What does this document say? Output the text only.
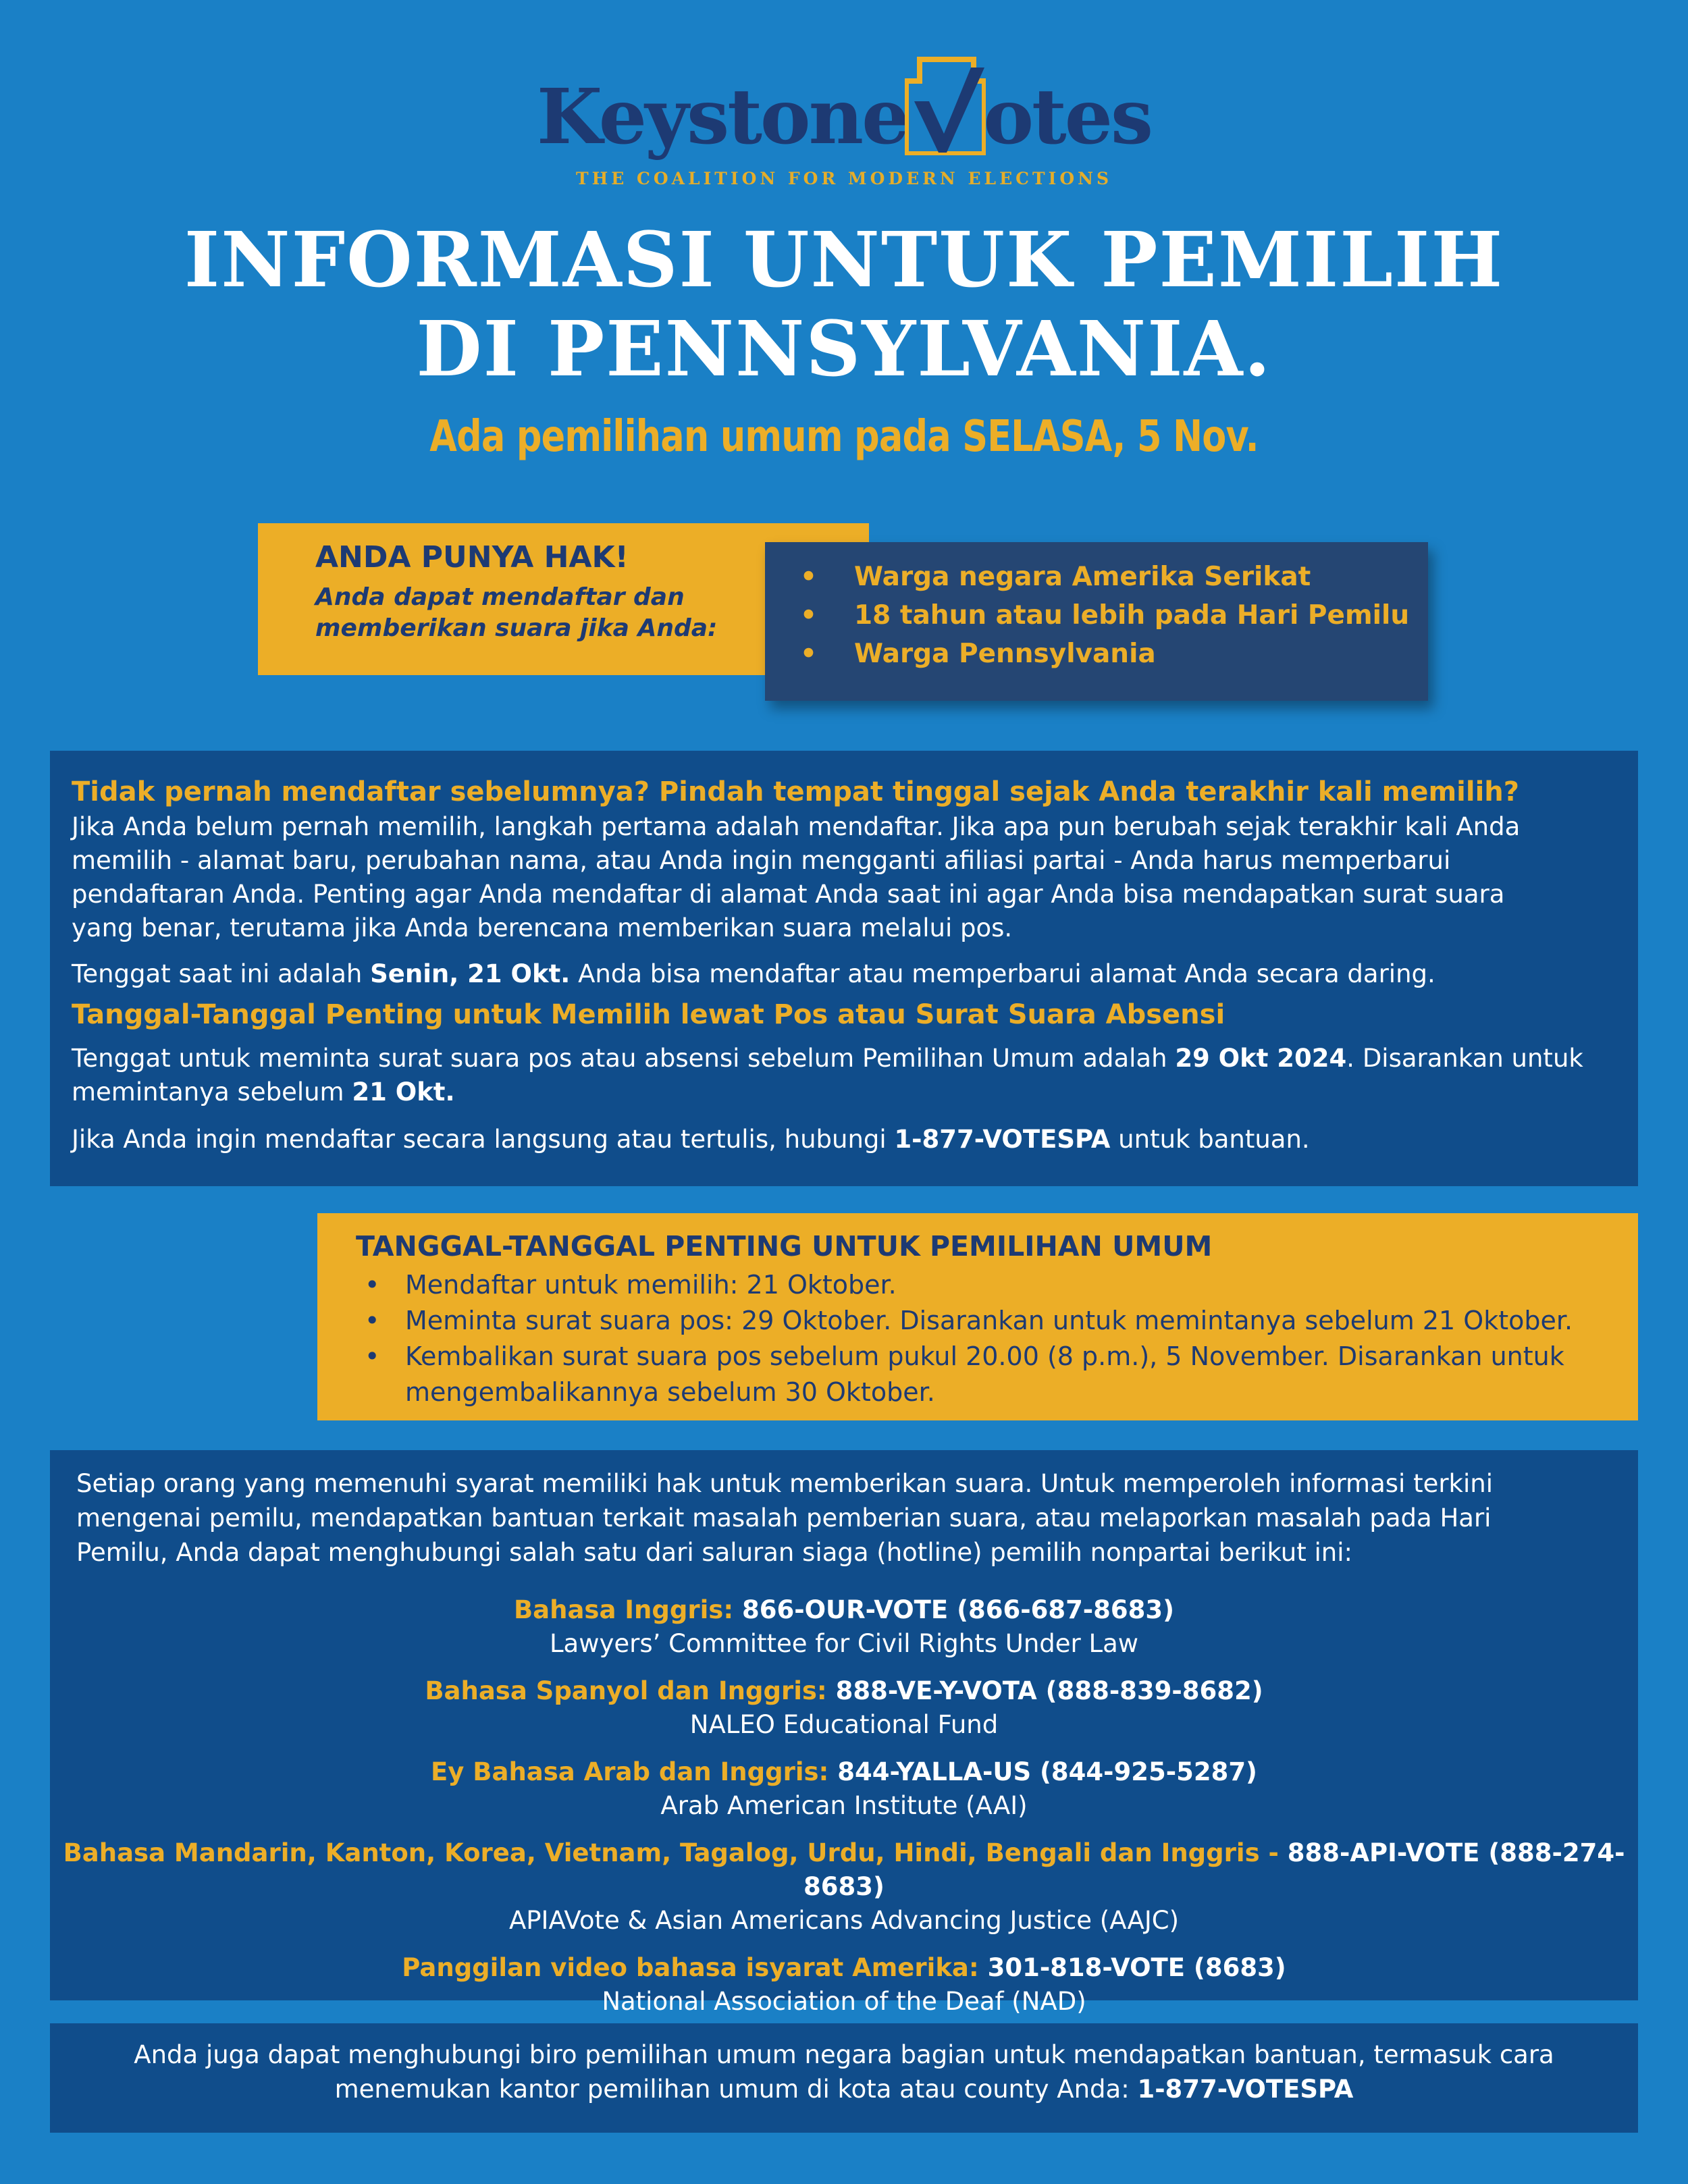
Keystone otes
THE COALITION FOR MODERN ELECTIONS
INFORMASI UNTUK PEMILIH
DI PENNSYLVANIA.
Ada pemilihan umum pada SELASA, 5 Nov.
ANDA PUNYA HAK!
Anda dapat mendaftar dan
memberikan suara jika Anda:
•	Warga negara Amerika Serikat
•	18 tahun atau lebih pada Hari Pemilu
•	Warga Pennsylvania
Tidak pernah mendaftar sebelumnya? Pindah tempat tinggal sejak Anda terakhir kali memilih?
Jika Anda belum pernah memilih, langkah pertama adalah mendaftar. Jika apa pun berubah sejak terakhir kali Anda
memilih - alamat baru, perubahan nama, atau Anda ingin mengganti afiliasi partai - Anda harus memperbarui
pendaftaran Anda. Penting agar Anda mendaftar di alamat Anda saat ini agar Anda bisa mendapatkan surat suara
yang benar, terutama jika Anda berencana memberikan suara melalui pos.
Tenggat saat ini adalah Senin, 21 Okt. Anda bisa mendaftar atau memperbarui alamat Anda secara daring.
Tanggal-Tanggal Penting untuk Memilih lewat Pos atau Surat Suara Absensi
Tenggat untuk meminta surat suara pos atau absensi sebelum Pemilihan Umum adalah 29 Okt 2024. Disarankan untuk
memintanya sebelum 21 Okt.
Jika Anda ingin mendaftar secara langsung atau tertulis, hubungi 1-877-VOTESPA untuk bantuan.
TANGGAL-TANGGAL PENTING UNTUK PEMILIHAN UMUM
• Mendaftar untuk memilih: 21 Oktober.
• Meminta surat suara pos: 29 Oktober. Disarankan untuk memintanya sebelum 21 Oktober.
• Kembalikan surat suara pos sebelum pukul 20.00 (8 p.m.), 5 November. Disarankan untuk
mengembalikannya sebelum 30 Oktober.
Setiap orang yang memenuhi syarat memiliki hak untuk memberikan suara. Untuk memperoleh informasi terkini
mengenai pemilu, mendapatkan bantuan terkait masalah pemberian suara, atau melaporkan masalah pada Hari
Pemilu, Anda dapat menghubungi salah satu dari saluran siaga (hotline) pemilih nonpartai berikut ini:
Bahasa Inggris: 866-OUR-VOTE (866-687-8683)
Lawyers’ Committee for Civil Rights Under Law
Bahasa Spanyol dan Inggris: 888-VE-Y-VOTA (888-839-8682)
NALEO Educational Fund
Ey Bahasa Arab dan Inggris: 844-YALLA-US (844-925-5287)
Arab American Institute (AAI)
Bahasa Mandarin, Kanton, Korea, Vietnam, Tagalog, Urdu, Hindi, Bengali dan Inggris - 888-API-VOTE (888-274-8683)
APIAVote & Asian Americans Advancing Justice (AAJC)
Panggilan video bahasa isyarat Amerika: 301-818-VOTE (8683)
National Association of the Deaf (NAD)
Anda juga dapat menghubungi biro pemilihan umum negara bagian untuk mendapatkan bantuan, termasuk cara
menemukan kantor pemilihan umum di kota atau county Anda: 1-877-VOTESPA
